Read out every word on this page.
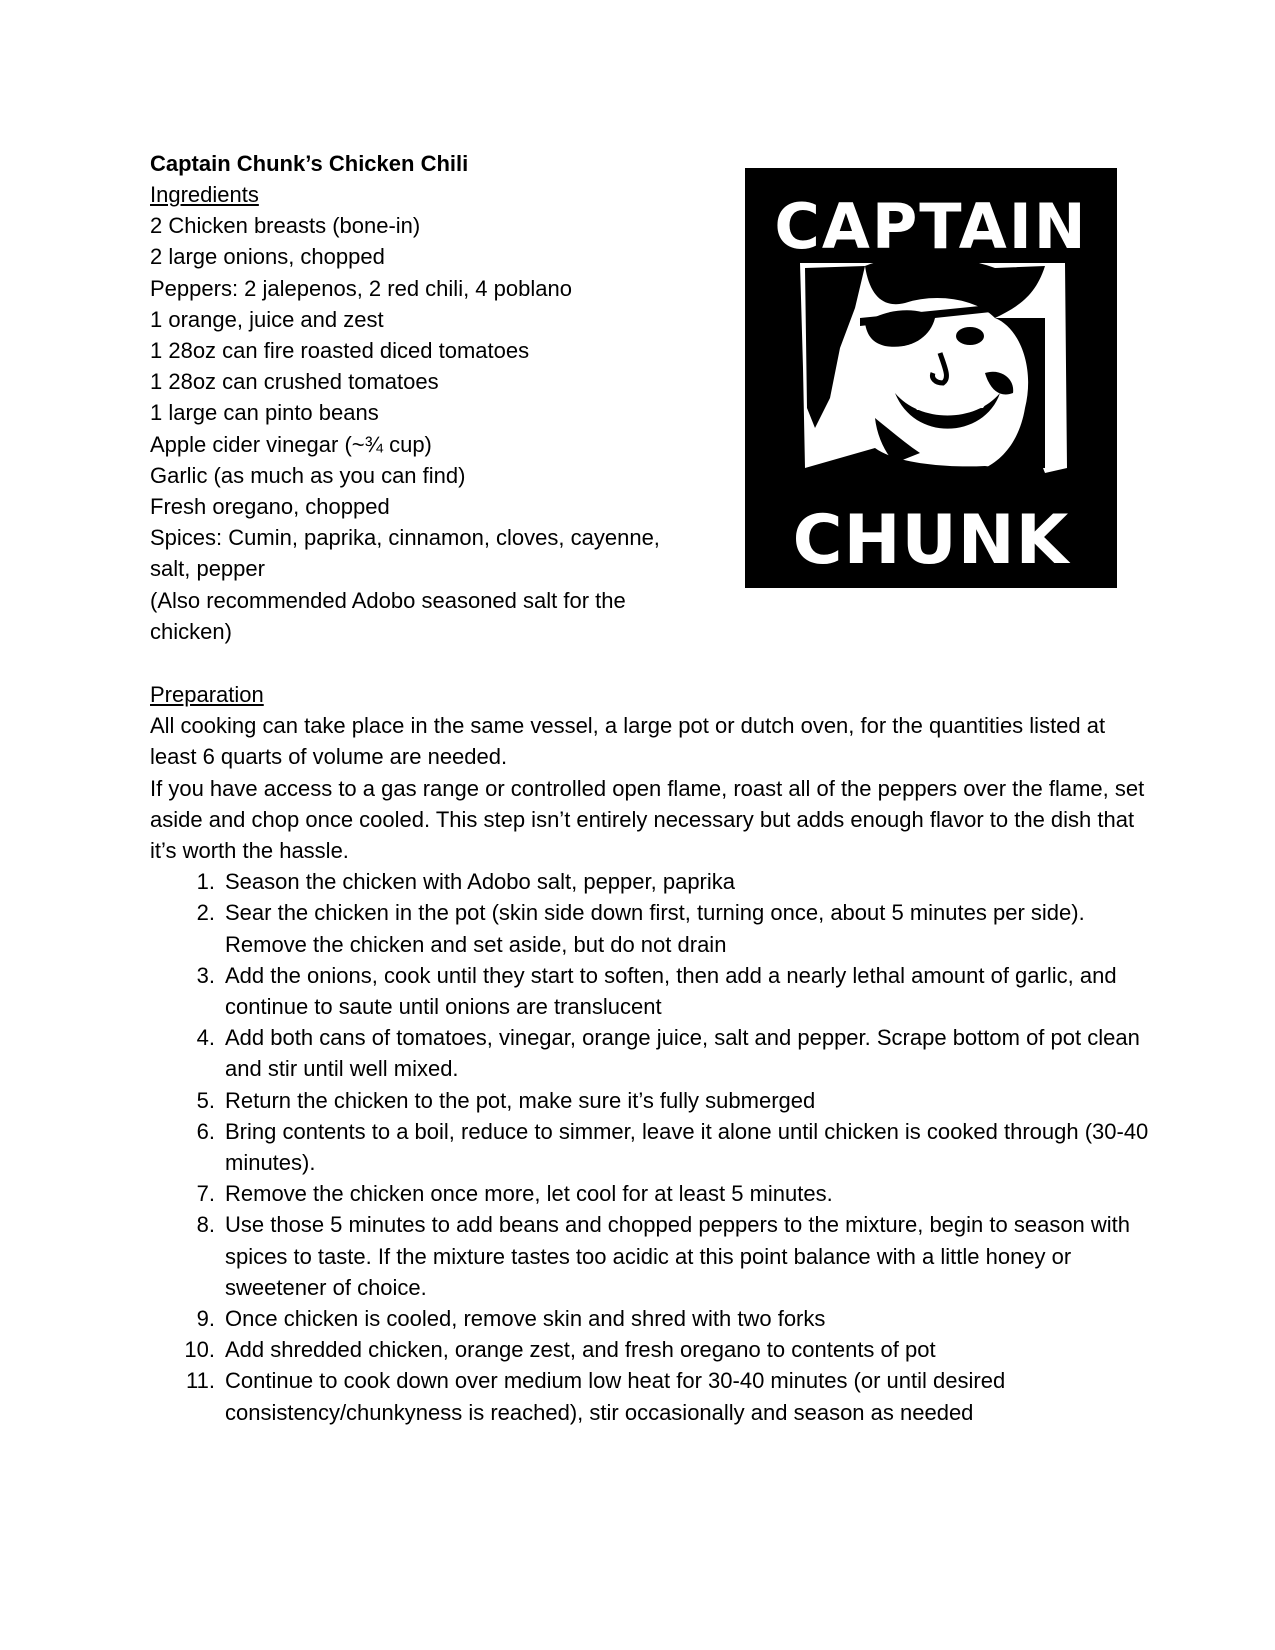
Captain Chunk’s Chicken Chili
Ingredients
2 Chicken breasts (bone-in)
2 large onions, chopped
Peppers: 2 jalepenos, 2 red chili, 4 poblano
1 orange, juice and zest
1 28oz can fire roasted diced tomatoes
1 28oz can crushed tomatoes
1 large can pinto beans
Apple cider vinegar (~¾ cup)
Garlic (as much as you can find)
Fresh oregano, chopped
Spices: Cumin, paprika, cinnamon, cloves, cayenne, salt, pepper
(Also recommended Adobo seasoned salt for the chicken)
CAPTAIN
CHUNK
Preparation

All cooking can take place in the same vessel, a large pot or dutch oven, for the quantities listed at least 6 quarts of volume are needed.

If you have access to a gas range or controlled open flame, roast all of the peppers over the flame, set aside and chop once cooled. This step isn’t entirely necessary but adds enough flavor to the dish that it’s worth the hassle.

1. Season the chicken with Adobo salt, pepper, paprika
2. Sear the chicken in the pot (skin side down first, turning once, about 5 minutes per side). Remove the chicken and set aside, but do not drain
3. Add the onions, cook until they start to soften, then add a nearly lethal amount of garlic, and continue to saute until onions are translucent
4. Add both cans of tomatoes, vinegar, orange juice, salt and pepper. Scrape bottom of pot clean and stir until well mixed.
5. Return the chicken to the pot, make sure it’s fully submerged
6. Bring contents to a boil, reduce to simmer, leave it alone until chicken is cooked through (30-40 minutes).
7. Remove the chicken once more, let cool for at least 5 minutes.
8. Use those 5 minutes to add beans and chopped peppers to the mixture, begin to season with spices to taste. If the mixture tastes too acidic at this point balance with a little honey or sweetener of choice.
9. Once chicken is cooled, remove skin and shred with two forks
10. Add shredded chicken, orange zest, and fresh oregano to contents of pot
11. Continue to cook down over medium low heat for 30-40 minutes (or until desired consistency/chunkyness is reached), stir occasionally and season as needed
